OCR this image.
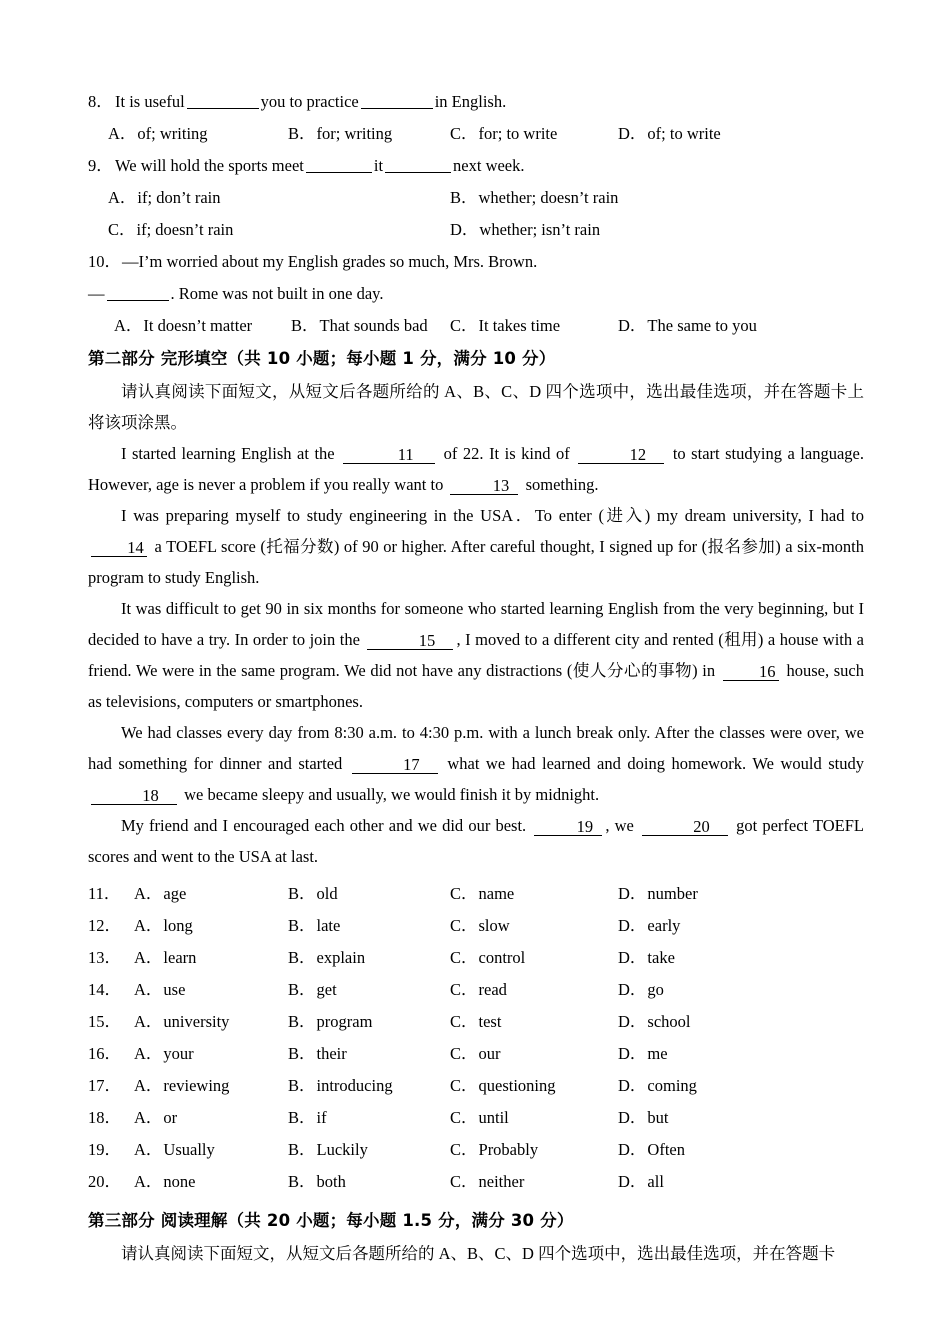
8． It is useful	you to practice	in English.
A．of; writing	B．for; writing	C．for; to write	D．of; to write
9． We will hold the sports meet	it	next week.
A．if; don’t rain	B．whether; doesn’t rain
C．if; doesn’t rain	D．whether; isn’t rain
10．—I’m worried about my English grades so much, Mrs. Brown.
—	. Rome was not built in one day.
A．It doesn’t matter B．That sounds bad C．It takes time	D．The same to you
第二部分 完形填空（共 10 小题；每小题 1 分，满分 10 分）

请认真阅读下面短文，从短文后各题所给的 A、B、C、D 四个选项中，选出最佳选项，并在答题卡上将该项涂黑。

I started learning English at the	11 of 22. It is kind of	12 to start studying a language. However, age is never a problem if you really want to	13 something.

I was preparing myself to study engineering in the USA．To enter (进入) my dream university, I had to 14 a TOEFL score (托福分数) of 90 or higher. After careful thought, I signed up for (报名参加) a six-month program to study English.

It was difficult to get 90 in six months for someone who started learning English from the very beginning, but I decided to have a try. In order to join the	15 , I moved to a different city and rented (租用) a house with a friend. We were in the same program. We did not have any distractions (使人分心的事物) in 16 house, such as televisions, computers or smartphones.

We had classes every day from 8:30 a.m. to 4:30 p.m. with a lunch break only. After the classes were over, we had something for dinner and started	17 what we had learned and doing homework. We would study 18 we became sleepy and usually, we would finish it by midnight.

My friend and I encouraged each other and we did our best.	19 , we	20 got perfect TOEFL scores and went to the USA at last.

11． A．age	B．old	C．name	D．number
12． A．long	B．late	C．slow	D．early
13． A．learn	B．explain	C．control	D．take
14． A．use	B．get	C．read	D．go
15． A．university	B．program	C．test	D．school
16． A．your	B．their	C．our	D．me
17． A．reviewing	B．introducing	C．questioning	D．coming
18． A．or	B．if	C．until	D．but
19． A．Usually	B．Luckily	C．Probably	D．Often
20． A．none	B．both	C．neither	D．all
第三部分 阅读理解（共 20 小题；每小题 1.5 分，满分 30 分）

请认真阅读下面短文，从短文后各题所给的 A、B、C、D 四个选项中，选出最佳选项，并在答题卡
